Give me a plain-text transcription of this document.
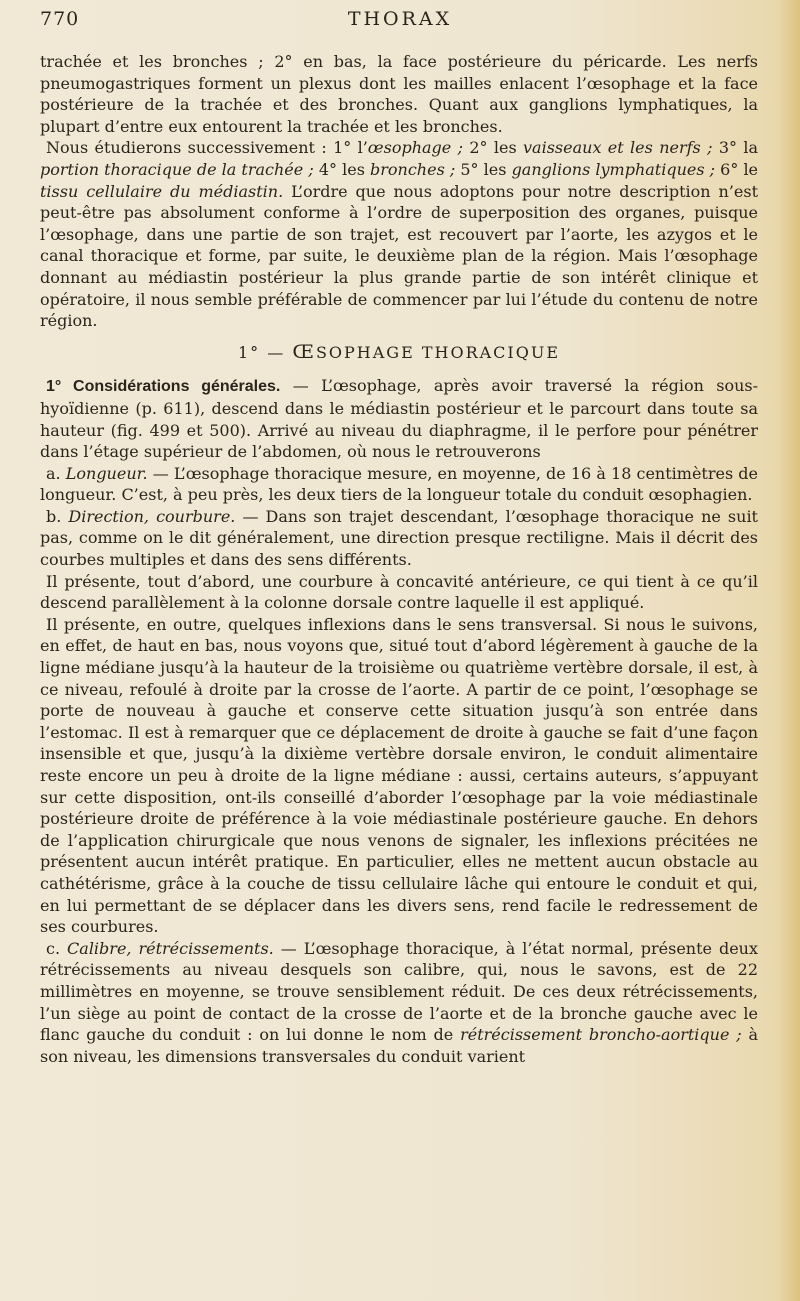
770	THORAX

trachée et les bronches ; 2° en bas, la face postérieure du péricarde. Les nerfs pneumogastriques forment un plexus dont les mailles enlacent l’œsophage et la face postérieure de la trachée et des bronches. Quant aux ganglions lymphatiques, la plupart d’entre eux entourent la trachée et les bronches.

Nous étudierons successivement : 1° l’œsophage ; 2° les vaisseaux et les nerfs ; 3° la portion thoracique de la trachée ; 4° les bronches ; 5° les ganglions lymphatiques ; 6° le tissu cellulaire du médiastin. L’ordre que nous adoptons pour notre description n’est peut-être pas absolument conforme à l’ordre de superposition des organes, puisque l’œsophage, dans une partie de son trajet, est recouvert par l’aorte, les azygos et le canal thoracique et forme, par suite, le deuxième plan de la région. Mais l’œsophage donnant au médiastin postérieur la plus grande partie de son intérêt clinique et opératoire, il nous semble préférable de commencer par lui l’étude du contenu de notre région.

1° — ŒSOPHAGE THORACIQUE

1° Considérations générales. — L’œsophage, après avoir traversé la région sous-hyoïdienne (p. 611), descend dans le médiastin postérieur et le parcourt dans toute sa hauteur (fig. 499 et 500). Arrivé au niveau du diaphragme, il le perfore pour pénétrer dans l’étage supérieur de l’abdomen, où nous le retrouverons

a. Longueur. — L’œsophage thoracique mesure, en moyenne, de 16 à 18 centimètres de longueur. C’est, à peu près, les deux tiers de la longueur totale du conduit œsophagien.

b. Direction, courbure. — Dans son trajet descendant, l’œsophage thoracique ne suit pas, comme on le dit généralement, une direction presque rectiligne. Mais il décrit des courbes multiples et dans des sens différents.

Il présente, tout d’abord, une courbure à concavité antérieure, ce qui tient à ce qu’il descend parallèlement à la colonne dorsale contre laquelle il est appliqué.

Il présente, en outre, quelques inflexions dans le sens transversal. Si nous le suivons, en effet, de haut en bas, nous voyons que, situé tout d’abord légèrement à gauche de la ligne médiane jusqu’à la hauteur de la troisième ou quatrième vertèbre dorsale, il est, à ce niveau, refoulé à droite par la crosse de l’aorte. A partir de ce point, l’œsophage se porte de nouveau à gauche et conserve cette situation jusqu’à son entrée dans l’estomac. Il est à remarquer que ce déplacement de droite à gauche se fait d’une façon insensible et que, jusqu’à la dixième vertèbre dorsale environ, le conduit alimentaire reste encore un peu à droite de la ligne médiane : aussi, certains auteurs, s’appuyant sur cette disposition, ont-ils conseillé d’aborder l’œsophage par la voie médiastinale postérieure droite de préférence à la voie médiastinale postérieure gauche. En dehors de l’application chirurgicale que nous venons de signaler, les inflexions précitées ne présentent aucun intérêt pratique. En particulier, elles ne mettent aucun obstacle au cathétérisme, grâce à la couche de tissu cellulaire lâche qui entoure le conduit et qui, en lui permettant de se déplacer dans les divers sens, rend facile le redressement de ses courbures.

c. Calibre, rétrécissements. — L’œsophage thoracique, à l’état normal, présente deux rétrécissements au niveau desquels son calibre, qui, nous le savons, est de 22 millimètres en moyenne, se trouve sensiblement réduit. De ces deux rétrécissements, l’un siège au point de contact de la crosse de l’aorte et de la bronche gauche avec le flanc gauche du conduit : on lui donne le nom de rétrécissement broncho-aortique ; à son niveau, les dimensions transversales du conduit varient
